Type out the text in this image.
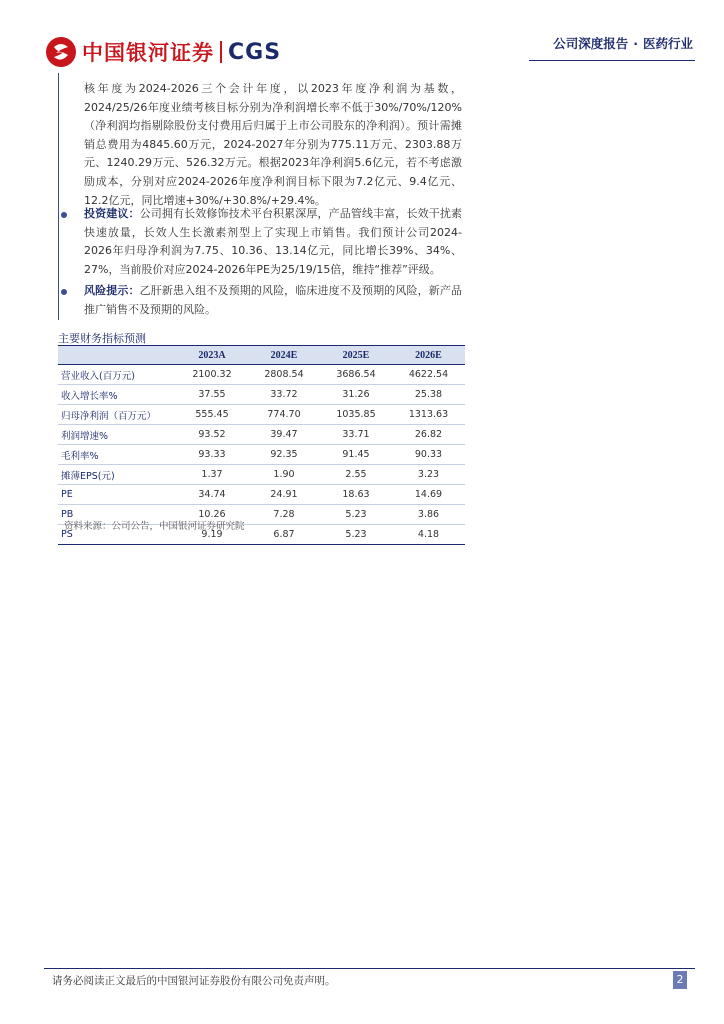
中国银河证券 CGS	公司深度报告 · 医药行业

核年度为2024-2026三个会计年度，以2023年度净利润为基数，2024/25/26年度业绩考核目标分别为净利润增长率不低于30%/70%/120%（净利润均指剔除股份支付费用后归属于上市公司股东的净利润）。预计需摊销总费用为4845.60万元，2024-2027年分别为775.11万元、2303.88万元、1240.29万元、526.32万元。根据2023年净利润5.6亿元，若不考虑激励成本，分别对应2024-2026年度净利润目标下限为7.2亿元、9.4亿元、12.2亿元，同比增速+30%/+30.8%/+29.4%。

投资建议：公司拥有长效修饰技术平台积累深厚，产品管线丰富，长效干扰素快速放量，长效人生长激素剂型上了实现上市销售。我们预计公司2024-2026年归母净利润为7.75、10.36、13.14亿元，同比增长39%、34%、27%，当前股价对应2024-2026年PE为25/19/15倍，维持“推荐”评级。

风险提示：乙肝新患入组不及预期的风险，临床进度不及预期的风险，新产品推广销售不及预期的风险。

主要财务指标预测
	2023A	2024E	2025E	2026E
营业收入(百万元)	2100.32	2808.54	3686.54	4622.54
收入增长率%	37.55	33.72	31.26	25.38
归母净利润（百万元）	555.45	774.70	1035.85	1313.63
利润增速%	93.52	39.47	33.71	26.82
毛利率%	93.33	92.35	91.45	90.33
摊薄EPS(元)	1.37	1.90	2.55	3.23
PE	34.74	24.91	18.63	14.69
PB	10.26	7.28	5.23	3.86
PS	9.19	6.87	5.23	4.18
资料来源：公司公告，中国银河证券研究院
请务必阅读正文最后的中国银河证券股份有限公司免责声明。	2
